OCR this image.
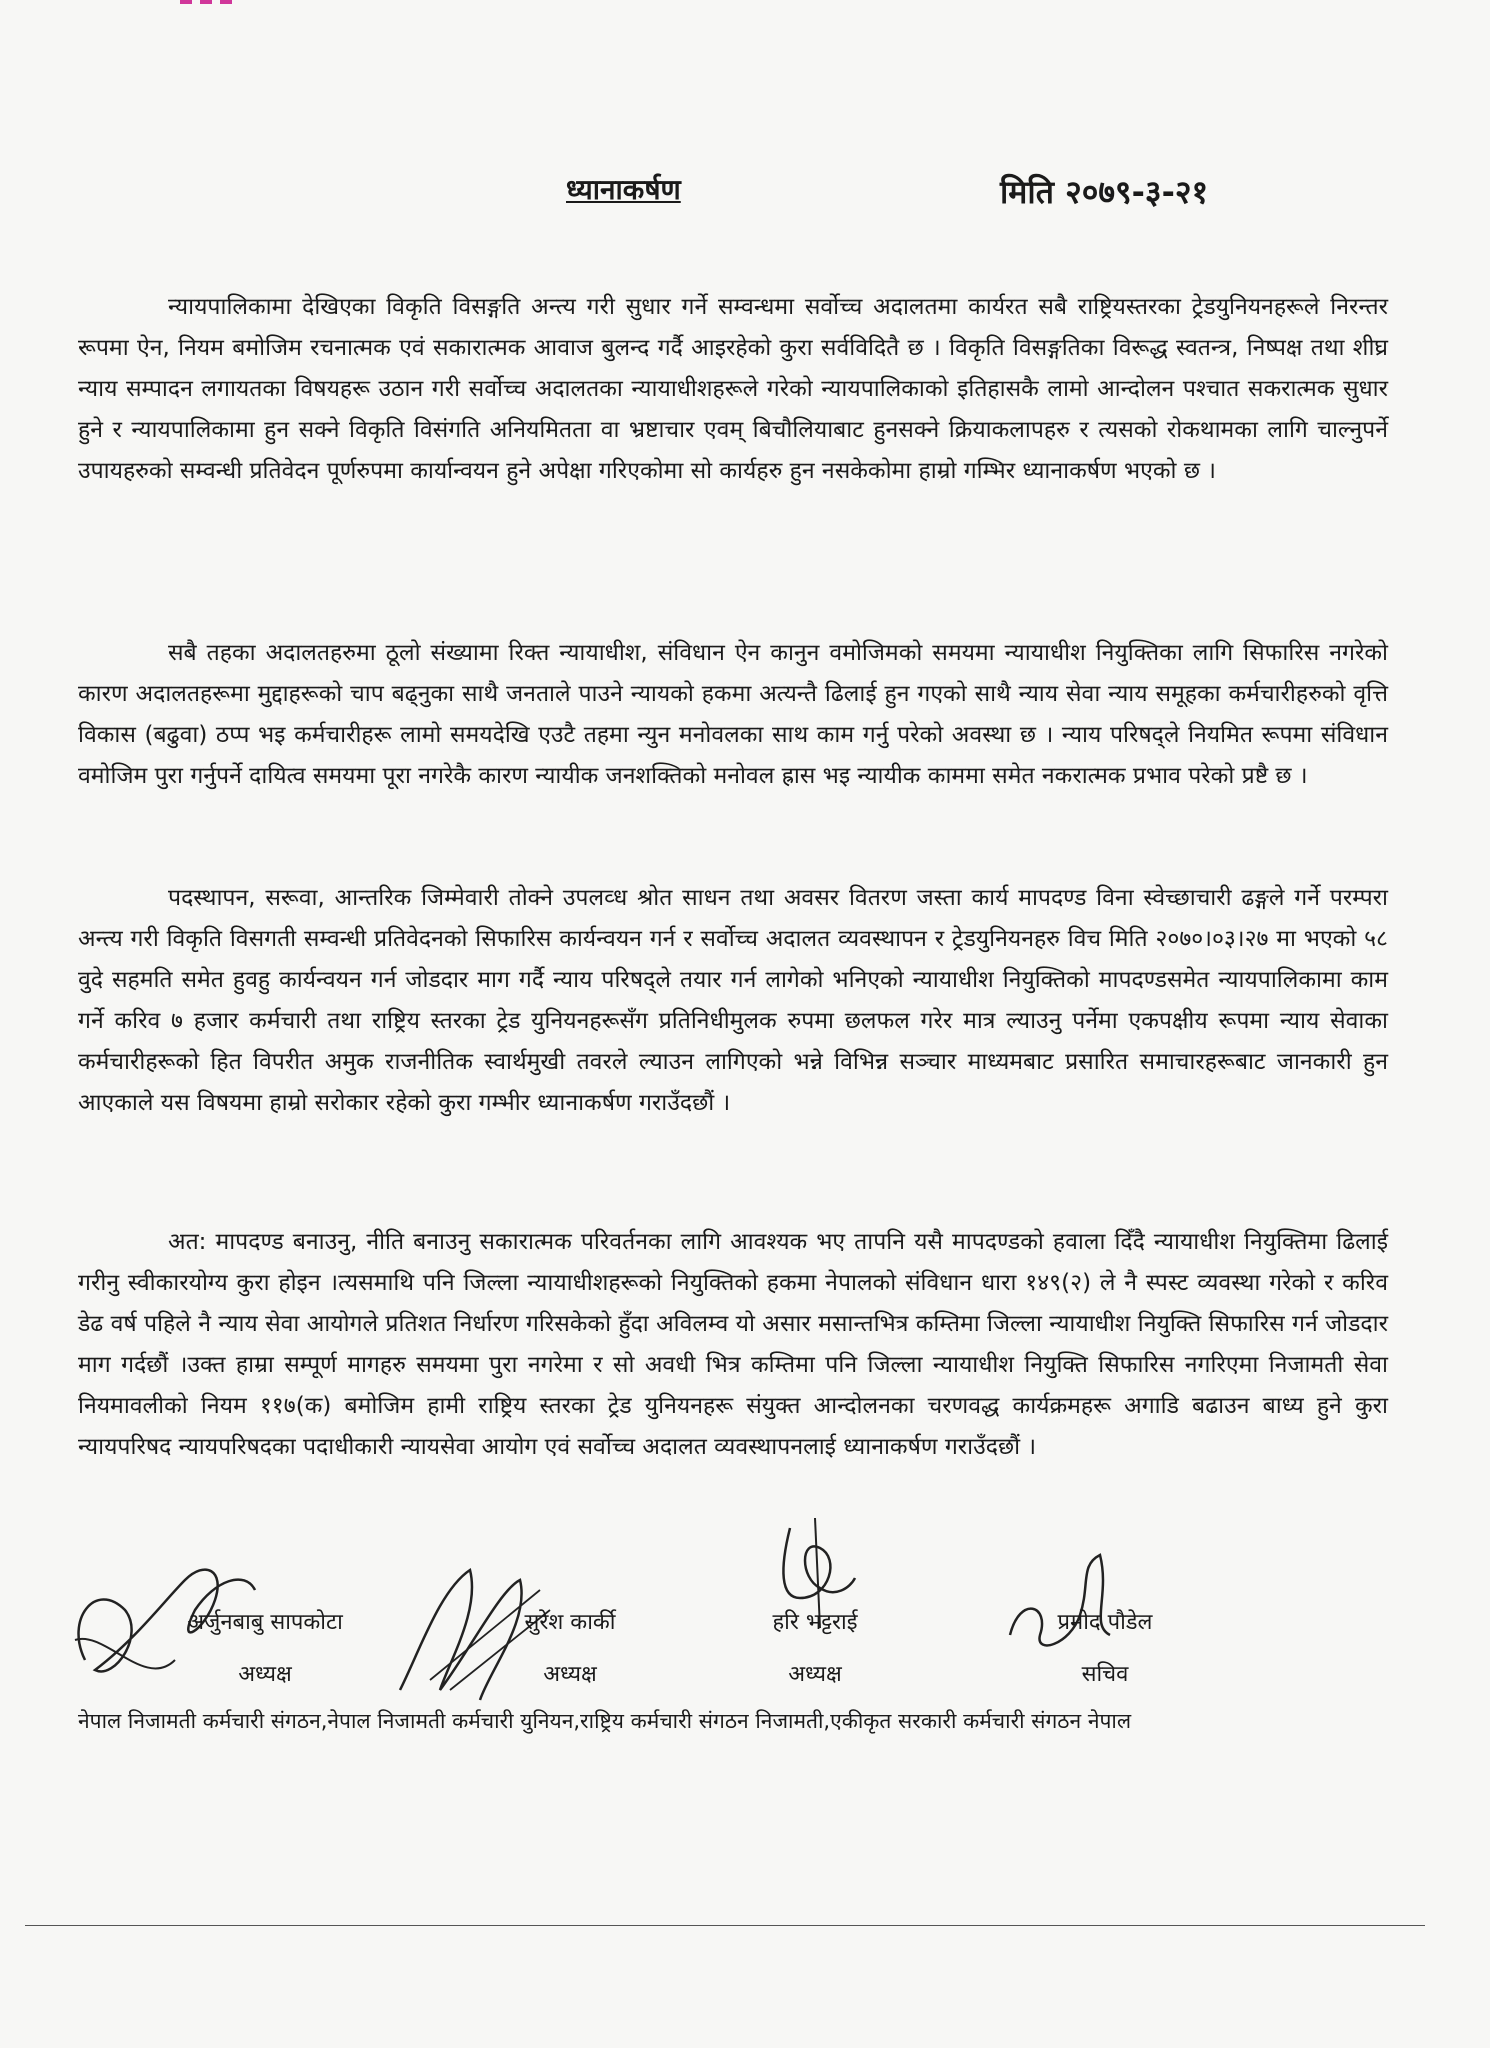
ध्यानाकर्षण	मिति २०७९-३-२१
न्यायपालिकामा देखिएका विकृति विसङ्गति अन्त्य गरी सुधार गर्ने सम्वन्धमा सर्वोच्च अदालतमा कार्यरत सबै राष्ट्रियस्तरका ट्रेडयुनियनहरूले निरन्तर रूपमा ऐन, नियम बमोजिम रचनात्मक एवं सकारात्मक आवाज बुलन्द गर्दै आइरहेको कुरा सर्वविदितै छ । विकृति विसङ्गतिका विरूद्ध स्वतन्त्र, निष्पक्ष तथा शीघ्र न्याय सम्पादन लगायतका विषयहरू उठान गरी सर्वोच्च अदालतका न्यायाधीशहरूले गरेको न्यायपालिकाको इतिहासकै लामो आन्दोलन पश्चात सकरात्मक सुधार हुने र न्यायपालिकामा हुन सक्ने विकृति विसंगति अनियमितता वा भ्रष्टाचार एवम् बिचौलियाबाट हुनसक्ने क्रियाकलापहरु र त्यसको रोकथामका लागि चाल्नुपर्ने उपायहरुको सम्वन्धी प्रतिवेदन पूर्णरुपमा कार्यान्वयन हुने अपेक्षा गरिएकोमा सो कार्यहरु हुन नसकेकोमा हाम्रो गम्भिर ध्यानाकर्षण भएको छ ।
सबै तहका अदालतहरुमा ठूलो संख्यामा रिक्त न्यायाधीश, संविधान ऐन कानुन वमोजिमको समयमा न्यायाधीश नियुक्तिका लागि सिफारिस नगरेको कारण अदालतहरूमा मुद्दाहरूको चाप बढ्नुका साथै जनताले पाउने न्यायको हकमा अत्यन्तै ढिलाई हुन गएको साथै न्याय सेवा न्याय समूहका कर्मचारीहरुको वृत्ति विकास (बढुवा) ठप्प भइ कर्मचारीहरू लामो समयदेखि एउटै तहमा न्युन मनोवलका साथ काम गर्नु परेको अवस्था छ । न्याय परिषद्ले नियमित रूपमा संविधान वमोजिम पुरा गर्नुपर्ने दायित्व समयमा पूरा नगरेकै कारण न्यायीक जनशक्तिको मनोवल ह्रास भइ न्यायीक काममा समेत नकरात्मक प्रभाव परेको प्रष्टै छ ।
पदस्थापन, सरूवा, आन्तरिक जिम्मेवारी तोक्ने उपलव्ध श्रोत साधन तथा अवसर वितरण जस्ता कार्य मापदण्ड विना स्वेच्छाचारी ढङ्गले गर्ने परम्परा अन्त्य गरी विकृति विसगती सम्वन्धी प्रतिवेदनको सिफारिस कार्यन्वयन गर्न र सर्वोच्च अदालत व्यवस्थापन र ट्रेडयुनियनहरु विच मिति २०७०।०३।२७ मा भएको ५८ वुदे सहमति समेत हुवहु कार्यन्वयन गर्न जोडदार माग गर्दै न्याय परिषद्ले तयार गर्न लागेको भनिएको न्यायाधीश नियुक्तिको मापदण्डसमेत न्यायपालिकामा काम गर्ने करिव ७ हजार कर्मचारी तथा राष्ट्रिय स्तरका ट्रेड युनियनहरूसँग प्रतिनिधीमुलक रुपमा छलफल गरेर मात्र ल्याउनु पर्नेमा एकपक्षीय रूपमा न्याय सेवाका कर्मचारीहरूको हित विपरीत अमुक राजनीतिक स्वार्थमुखी तवरले ल्याउन लागिएको भन्ने विभिन्न सञ्चार माध्यमबाट प्रसारित समाचारहरूबाट जानकारी हुन आएकाले यस विषयमा हाम्रो सरोकार रहेको कुरा गम्भीर ध्यानाकर्षण गराउँदछौं ।
अत: मापदण्ड बनाउनु, नीति बनाउनु सकारात्मक परिवर्तनका लागि आवश्यक भए तापनि यसै मापदण्डको हवाला दिँदै न्यायाधीश नियुक्तिमा ढिलाई गरीनु स्वीकारयोग्य कुरा होइन ।त्यसमाथि पनि जिल्ला न्यायाधीशहरूको नियुक्तिको हकमा नेपालको संविधान धारा १४९(२) ले नै स्पस्ट व्यवस्था गरेको र करिव डेढ वर्ष पहिले नै न्याय सेवा आयोगले प्रतिशत निर्धारण गरिसकेको हुँदा अविलम्व यो असार मसान्तभित्र कम्तिमा जिल्ला न्यायाधीश नियुक्ति सिफारिस गर्न जोडदार माग गर्दछौं ।उक्त हाम्रा सम्पूर्ण मागहरु समयमा पुरा नगरेमा र सो अवधी भित्र कम्तिमा पनि जिल्ला न्यायाधीश नियुक्ति सिफारिस नगरिएमा निजामती सेवा नियमावलीको नियम ११७(क) बमोजिम हामी राष्ट्रिय स्तरका ट्रेड युनियनहरू संयुक्त आन्दोलनका चरणवद्ध कार्यक्रमहरू अगाडि बढाउन बाध्य हुने कुरा न्यायपरिषद न्यायपरिषदका पदाधीकारी न्यायसेवा आयोग एवं सर्वोच्च अदालत व्यवस्थापनलाई ध्यानाकर्षण गराउँदछौं ।
अर्जुनबाबु सापकोटा
अध्यक्ष
सुरेश कार्की
अध्यक्ष
हरि भट्टराई
अध्यक्ष
प्रमोद पौडेल
सचिव
नेपाल निजामती कर्मचारी संगठन,नेपाल निजामती कर्मचारी युनियन,राष्ट्रिय कर्मचारी संगठन निजामती,एकीकृत सरकारी कर्मचारी संगठन नेपाल
